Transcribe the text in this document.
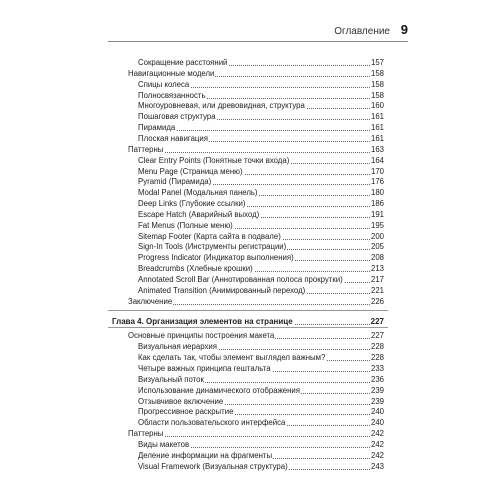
Оглавление 9
Сокращение расстояний	157
Навигационные модели	158
Спицы колеса	158
Полносвязанность	158
Многоуровневая, или древовидная, структура	160
Пошаговая структура	161
Пирамида	161
Плоская навигация	161
Паттерны	163
Clear Entry Points (Понятные точки входа)	164
Menu Page (Страница меню)	170
Pyramid (Пирамида)	176
Modal Panel (Модальная панель)	180
Deep Links (Глубокие ссылки)	186
Escape Hatch (Аварийный выход)	191
Fat Menus (Полные меню)	195
Sitemap Footer (Карта сайта в подвале)	200
Sign-In Tools (Инструменты регистрации)	205
Progress Indicator (Индикатор выполнения)	208
Breadcrumbs (Хлебные крошки)	213
Annotated Scroll Bar (Аннотированная полоса прокрутки)	217
Animated Transition (Анимированный переход)	221
Заключение	226
Глава 4. Организация элементов на странице	227
Основные принципы построения макета	227
Визуальная иерархия	228
Как сделать так, чтобы элемент выглядел важным?	228
Четыре важных принципа гештальта	233
Визуальный поток	236
Использование динамического отображения	239
Отзывчивое включение	239
Прогрессивное раскрытие	240
Области пользовательского интерфейса	240
Паттерны	242
Виды макетов	242
Деление информации на фрагменты	242
Visual Framework (Визуальная структура)	243
